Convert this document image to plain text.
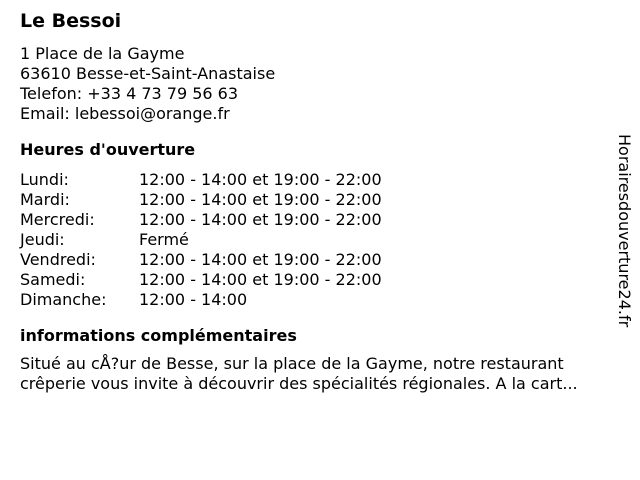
Le Bessoi
1 Place de la Gayme
63610 Besse-et-Saint-Anastaise
Telefon: +33 4 73 79 56 63
Email: lebessoi@orange.fr
Heures d'ouverture
Lundi:	12:00 - 14:00 et 19:00 - 22:00
Mardi:	12:00 - 14:00 et 19:00 - 22:00
Mercredi:	12:00 - 14:00 et 19:00 - 22:00
Jeudi:	Fermé
Vendredi:	12:00 - 14:00 et 19:00 - 22:00
Samedi:	12:00 - 14:00 et 19:00 - 22:00
Dimanche:	12:00 - 14:00
informations complémentaires
Situé au cÅ?ur de Besse, sur la place de la Gayme, notre restaurant
crêperie vous invite à découvrir des spécialités régionales. A la cart...
Horairesdouverture24.fr
